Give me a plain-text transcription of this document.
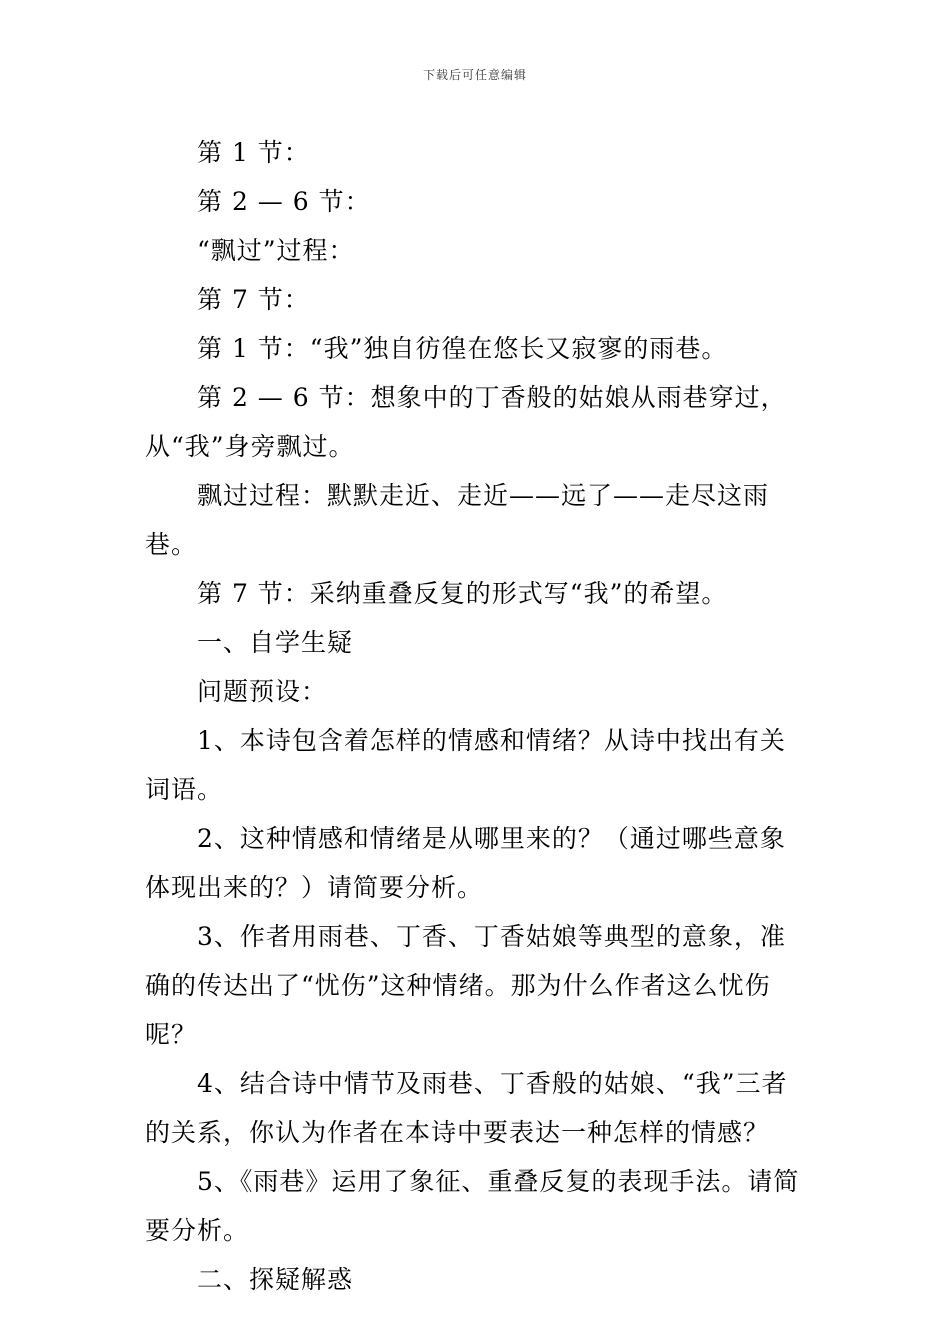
下载后可任意编辑

第 1 节：

第 2 — 6 节：

“飘过”过程：

第 7 节：

第 1 节：“我”独自彷徨在悠长又寂寥的雨巷。

第 2 — 6 节：想象中的丁香般的姑娘从雨巷穿过，从“我”身旁飘过。

飘过过程：默默走近、走近——远了——走尽这雨巷。

第 7 节：采纳重叠反复的形式写“我”的希望。

一、自学生疑

问题预设：

1、本诗包含着怎样的情感和情绪？从诗中找出有关词语。

2、这种情感和情绪是从哪里来的？（通过哪些意象体现出来的？）请简要分析。

3、作者用雨巷、丁香、丁香姑娘等典型的意象，准确的传达出了“忧伤”这种情绪。那为什么作者这么忧伤呢？

4、结合诗中情节及雨巷、丁香般的姑娘、“我”三者的关系，你认为作者在本诗中要表达一种怎样的情感？

5、《雨巷》运用了象征、重叠反复的表现手法。请简要分析。

二、探疑解惑
